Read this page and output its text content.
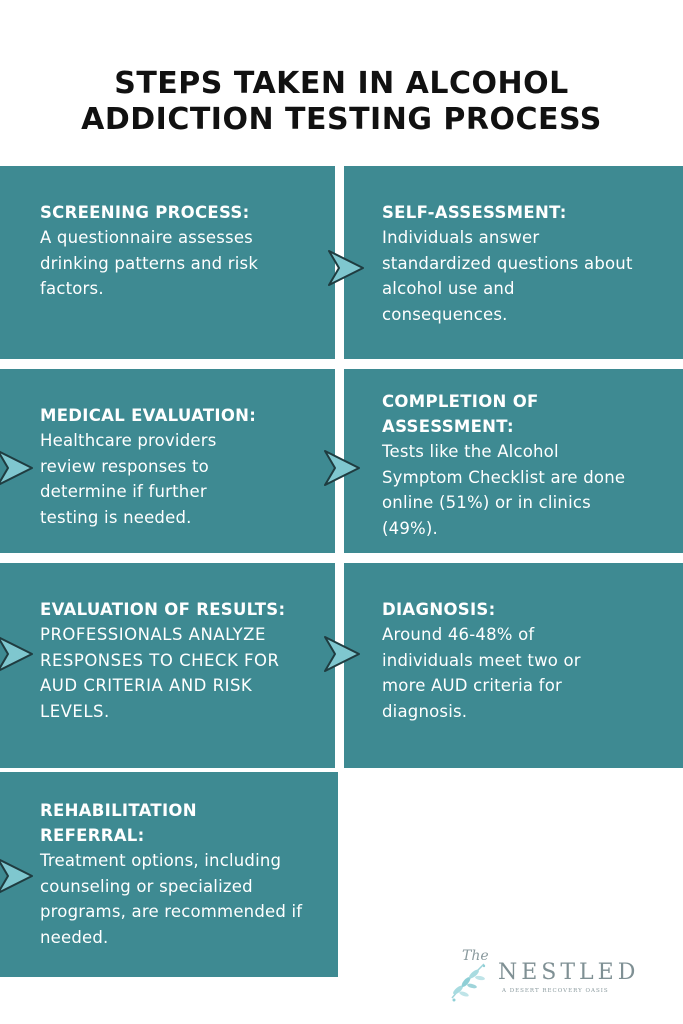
STEPS TAKEN IN ALCOHOL
ADDICTION TESTING PROCESS

SCREENING PROCESS:

A questionnaire assesses drinking patterns and risk factors.

SELF-ASSESSMENT:

Individuals answer standardized questions about alcohol use and consequences.

MEDICAL EVALUATION:

Healthcare providers review responses to determine if further testing is needed.

COMPLETION OF ASSESSMENT:

Tests like the Alcohol Symptom Checklist are done online (51%) or in clinics (49%).

EVALUATION OF RESULTS:

PROFESSIONALS ANALYZE RESPONSES TO CHECK FOR AUD CRITERIA AND RISK LEVELS.

DIAGNOSIS:

Around 46-48% of individuals meet two or more AUD criteria for diagnosis.

REHABILITATION REFERRAL:

Treatment options, including counseling or specialized programs, are recommended if needed.

The
NESTLED
A DESERT RECOVERY OASIS
